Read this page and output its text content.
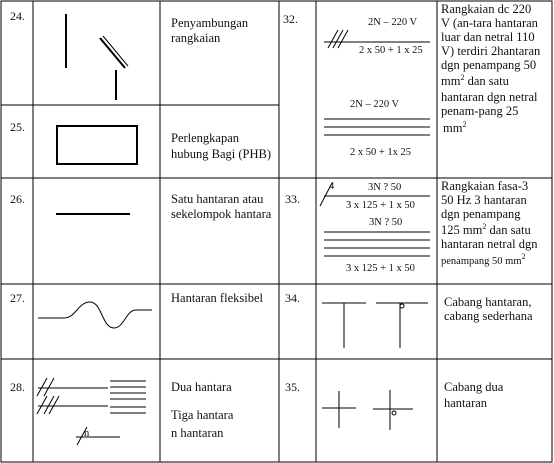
24.
25.
26.
27.
28.
32.
33.
34.
35.
Penyambungan
rangkaian
Perlengkapan
hubung Bagi (PHB)
Satu hantaran atau
sekelompok hantara
Hantaran fleksibel
Dua hantara
Tiga hantara
n hantaran
Rangkaian dc 220
V (an-tara hantaran
luar dan netral 110
V) terdiri 2hantaran
dgn penampang 50
$mm^2$ dan satu
hantaran dgn netral
penam-pang 25
$mm^2$
Rangkaian fasa-3
50 Hz 3 hantaran
dgn penampang
125 $mm^2$ dan satu
hantaran netral dgn
penampang 50 $mm^2$
Cabang hantaran,
cabang sederhana
Cabang dua
hantaran
n
2N – 220 V
2 x 50 + 1 x 25
2N – 220 V
2 x 50 + 1x 25
4	3N ? 50
3 x 125 + 1 x 50
3N ? 50
3 x 125 + 1 x 50
